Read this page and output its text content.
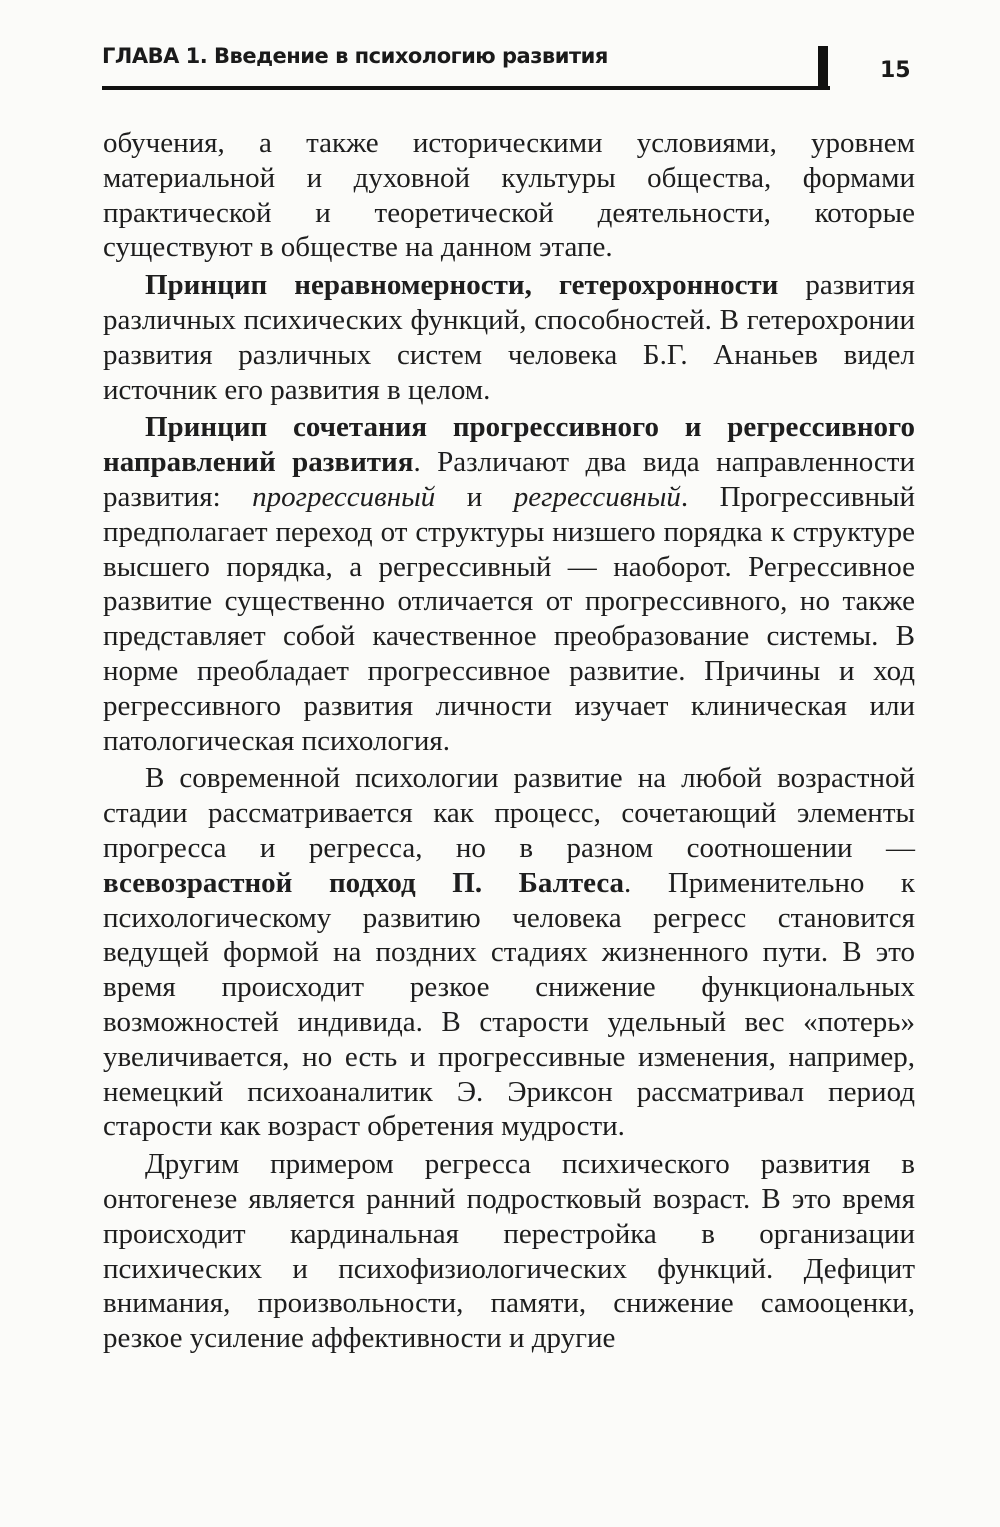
ГЛАВА 1. Введение в психологию развития
15

обучения, а также историческими условиями, уровнем материальной и духовной культуры общества, формами практической и теоретической деятельности, которые существуют в обществе на данном этапе.

Принцип неравномерности, гетерохронности развития различных психических функций, способностей. В гетерохронии развития различных систем человека Б.Г. Ананьев видел источник его развития в целом.

Принцип сочетания прогрессивного и регрессивного направлений развития. Различают два вида направленности развития: прогрессивный и регрессивный. Прогрессивный предполагает переход от структуры низшего порядка к структуре высшего порядка, а регрессивный — наоборот. Регрессивное развитие существенно отличается от прогрессивного, но также представляет собой качественное преобразование системы. В норме преобладает прогрессивное развитие. Причины и ход регрессивного развития личности изучает клиническая или патологическая психология.

В современной психологии развитие на любой возрастной стадии рассматривается как процесс, сочетающий элементы прогресса и регресса, но в разном соотношении — всевозрастной подход П. Балтеса. Применительно к психологическому развитию человека регресс становится ведущей формой на поздних стадиях жизненного пути. В это время происходит резкое снижение функциональных возможностей индивида. В старости удельный вес «потерь» увеличивается, но есть и прогрессивные изменения, например, немецкий психоаналитик Э. Эриксон рассматривал период старости как возраст обретения мудрости.

Другим примером регресса психического развития в онтогенезе является ранний подростковый возраст. В это время происходит кардинальная перестройка в организации психических и психофизиологических функций. Дефицит внимания, произвольности, памяти, снижение самооценки, резкое усиление аффективности и другие
